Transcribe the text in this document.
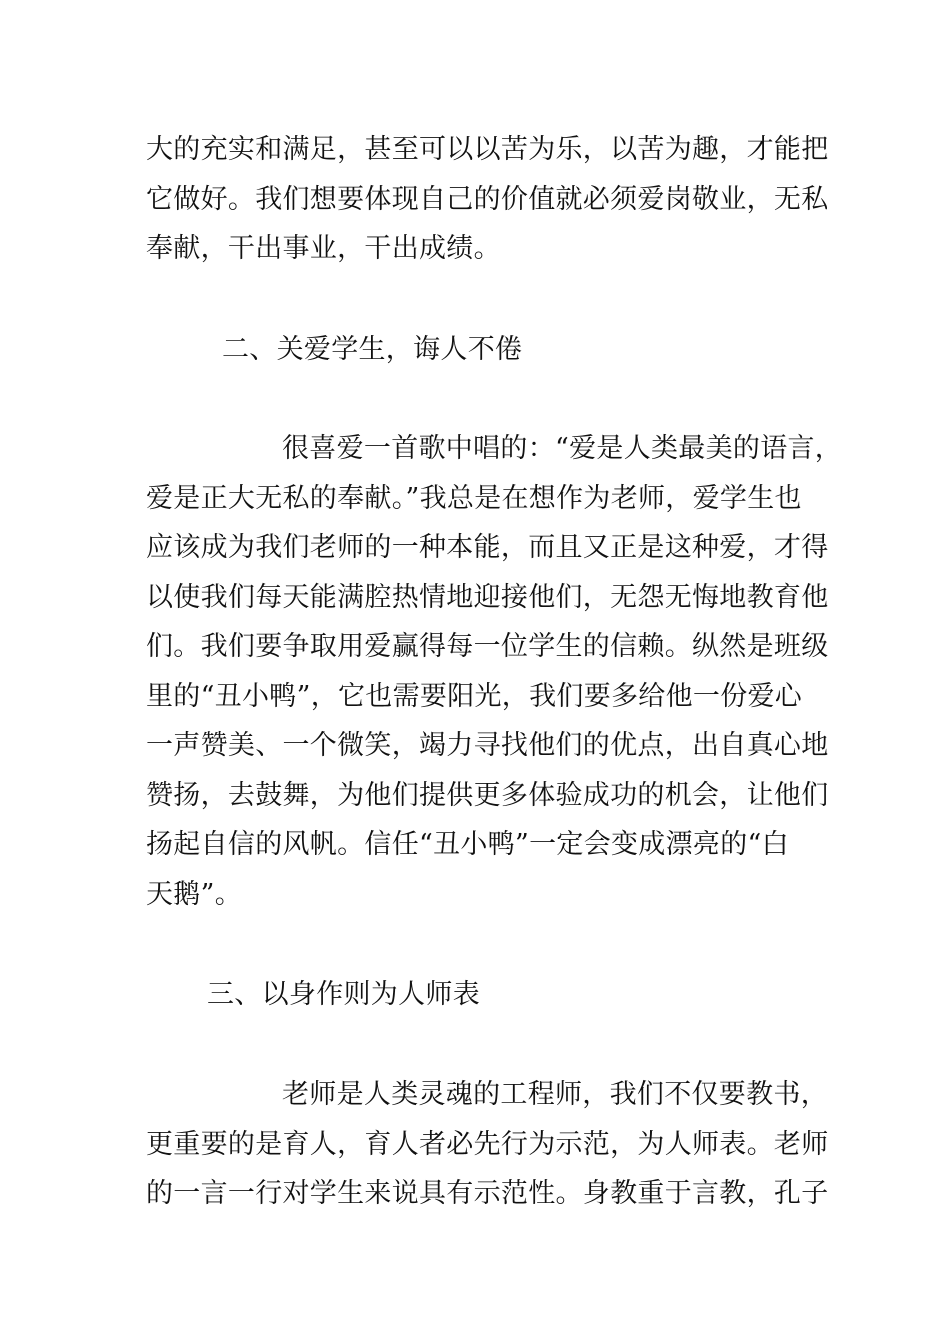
大的充实和满足，甚至可以以苦为乐，以苦为趣，才能把
它做好。我们想要体现自己的价值就必须爱岗敬业，无私
奉献，干出事业，干出成绩。
二、关爱学生，诲人不倦
很喜爱一首歌中唱的：“爱是人类最美的语言，
爱是正大无私的奉献。”我总是在想作为老师，爱学生也
应该成为我们老师的一种本能，而且又正是这种爱，才得
以使我们每天能满腔热情地迎接他们，无怨无悔地教育他
们。我们要争取用爱赢得每一位学生的信赖。纵然是班级
里的“丑小鸭”，它也需要阳光，我们要多给他一份爱心
一声赞美、一个微笑，竭力寻找他们的优点，出自真心地
赞扬，去鼓舞，为他们提供更多体验成功的机会，让他们
扬起自信的风帆。信任“丑小鸭”一定会变成漂亮的“白
天鹅”。
三、以身作则为人师表
老师是人类灵魂的工程师，我们不仅要教书，
更重要的是育人，育人者必先行为示范，为人师表。老师
的一言一行对学生来说具有示范性。身教重于言教，孔子
